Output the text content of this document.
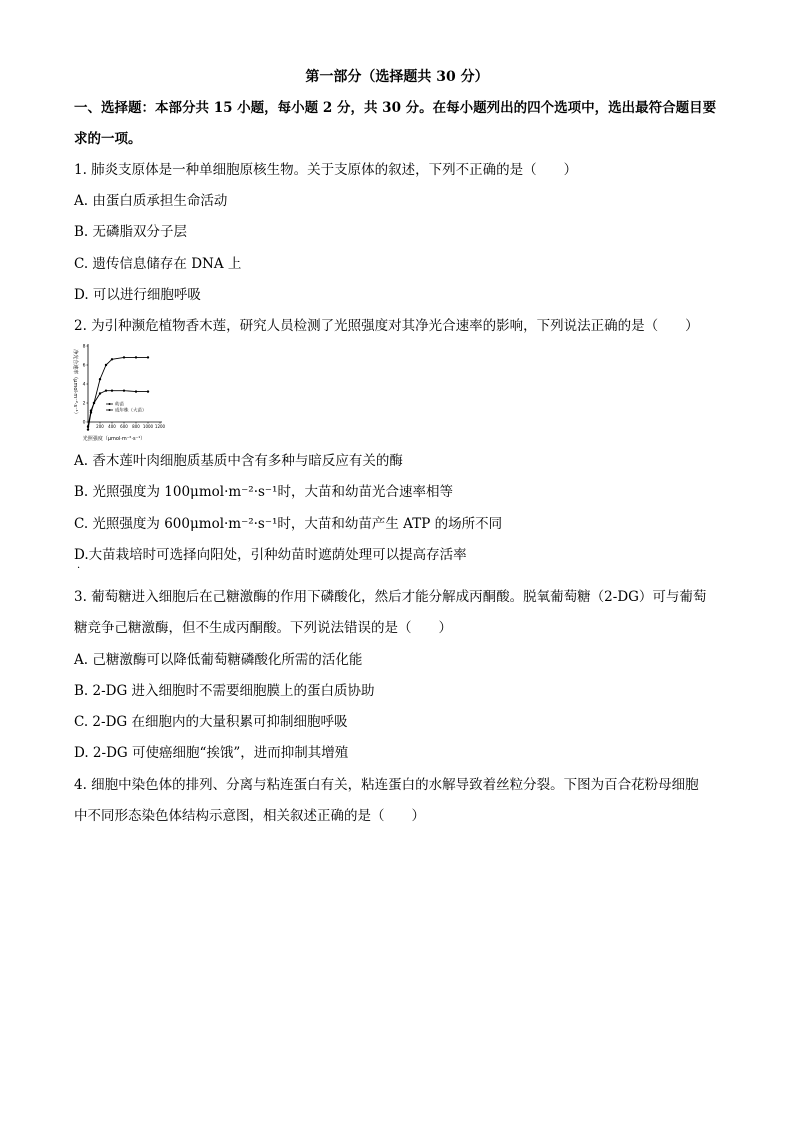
第一部分（选择题共 30 分）
一、选择题：本部分共 15 小题，每小题 2 分，共 30 分。在每小题列出的四个选项中，选出最符合题目要
求的一项。
1. 肺炎支原体是一种单细胞原核生物。关于支原体的叙述，下列不正确的是（　　）
A. 由蛋白质承担生命活动
B. 无磷脂双分子层
C. 遗传信息储存在 DNA 上
D. 可以进行细胞呼吸
2. 为引种濒危植物香木莲，研究人员检测了光照强度对其净光合速率的影响，下列说法正确的是（　　）
0
2
4
6
8
200 400 600 800 1000 1200
幼苗
成年株（大苗）
净光合速率（μmol·m⁻²·s⁻¹）
光照强度（μmol·m⁻²·s⁻¹）
A. 香木莲叶肉细胞质基质中含有多种与暗反应有关的酶
B. 光照强度为 100μmol·m⁻²·s⁻¹时，大苗和幼苗光合速率相等
C. 光照强度为 600μmol·m⁻²·s⁻¹时，大苗和幼苗产生 ATP 的场所不同
D.大苗栽培时可选择向阳处，引种幼苗时遮荫处理可以提高存活率
·
3. 葡萄糖进入细胞后在己糖激酶的作用下磷酸化，然后才能分解成丙酮酸。脱氧葡萄糖（2-DG）可与葡萄
糖竞争己糖激酶，但不生成丙酮酸。下列说法错误的是（　　）
A. 己糖激酶可以降低葡萄糖磷酸化所需的活化能
B. 2-DG 进入细胞时不需要细胞膜上的蛋白质协助
C. 2-DG 在细胞内的大量积累可抑制细胞呼吸
D. 2-DG 可使癌细胞“挨饿”，进而抑制其增殖
4. 细胞中染色体的排列、分离与粘连蛋白有关，粘连蛋白的水解导致着丝粒分裂。下图为百合花粉母细胞
中不同形态染色体结构示意图，相关叙述正确的是（　　）
